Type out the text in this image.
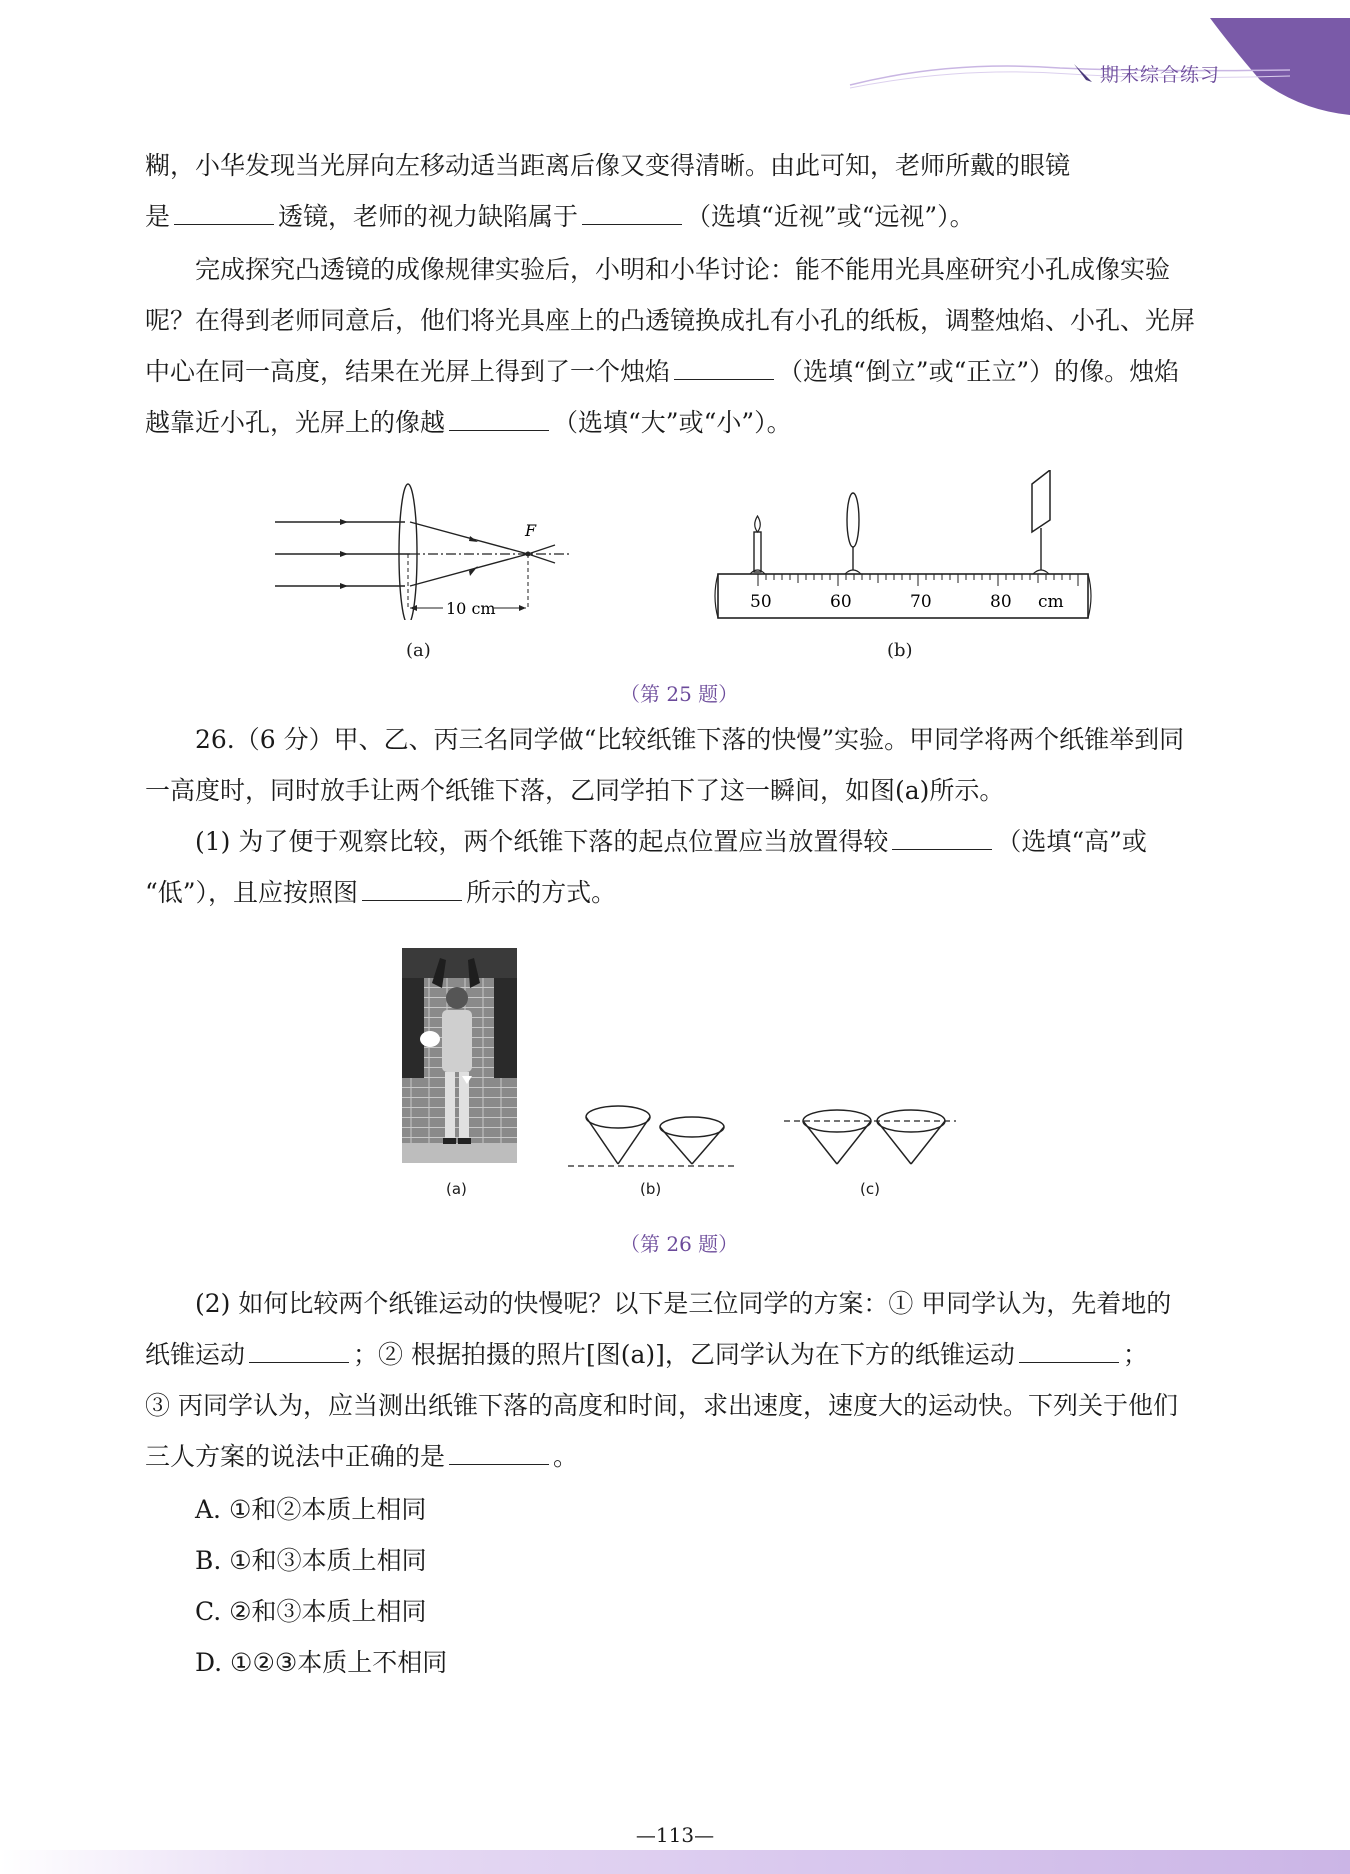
期末综合练习
糊，小华发现当光屏向左移动适当距离后像又变得清晰。由此可知，老师所戴的眼镜
是	透镜，老师的视力缺陷属于	（选填“近视”或“远视”）。
完成探究凸透镜的成像规律实验后，小明和小华讨论：能不能用光具座研究小孔成像实验
呢？在得到老师同意后，他们将光具座上的凸透镜换成扎有小孔的纸板，调整烛焰、小孔、光屏
中心在同一高度，结果在光屏上得到了一个烛焰	（选填“倒立”或“正立”）的像。烛焰
越靠近小孔，光屏上的像越	（选填“大”或“小”）。
F
10 cm
(a)
50	60	70	80 cm
(b)
（第 25 题）
26.（6 分）甲、乙、丙三名同学做“比较纸锥下落的快慢”实验。甲同学将两个纸锥举到同
一高度时，同时放手让两个纸锥下落，乙同学拍下了这一瞬间，如图(a)所示。
(1) 为了便于观察比较，两个纸锥下落的起点位置应当放置得较	（选填“高”或
“低”），且应按照图	所示的方式。
(a)	(b)	(c)
（第 26 题）
(2) 如何比较两个纸锥运动的快慢呢？以下是三位同学的方案：① 甲同学认为，先着地的
纸锥运动	；② 根据拍摄的照片[图(a)]，乙同学认为在下方的纸锥运动	；
③ 丙同学认为，应当测出纸锥下落的高度和时间，求出速度，速度大的运动快。下列关于他们
三人方案的说法中正确的是	。
A. ①和②本质上相同
B. ①和③本质上相同
C. ②和③本质上相同
D. ①②③本质上不相同
—113—
